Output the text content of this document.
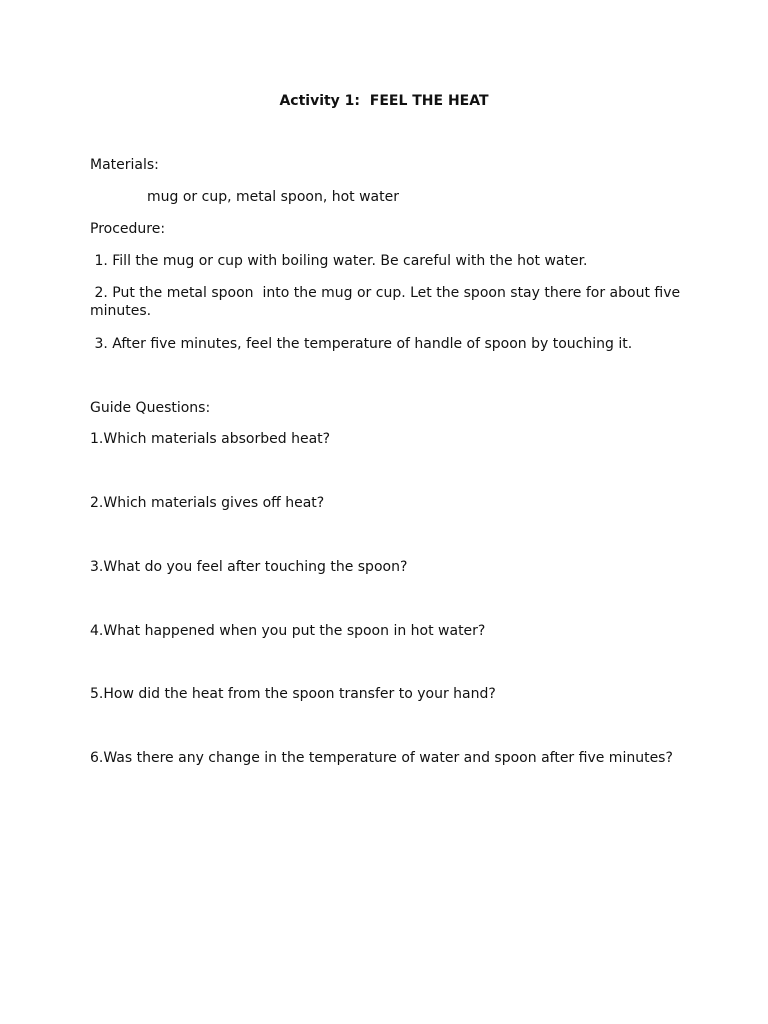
Activity 1:  FEEL THE HEAT

Materials:

mug or cup, metal spoon, hot water

Procedure:

1. Fill the mug or cup with boiling water. Be careful with the hot water.

2. Put the metal spoon  into the mug or cup. Let the spoon stay there for about five minutes.

3. After five minutes, feel the temperature of handle of spoon by touching it.

Guide Questions:

1.Which materials absorbed heat?

2.Which materials gives off heat?

3.What do you feel after touching the spoon?

4.What happened when you put the spoon in hot water?

5.How did the heat from the spoon transfer to your hand?

6.Was there any change in the temperature of water and spoon after five minutes?
